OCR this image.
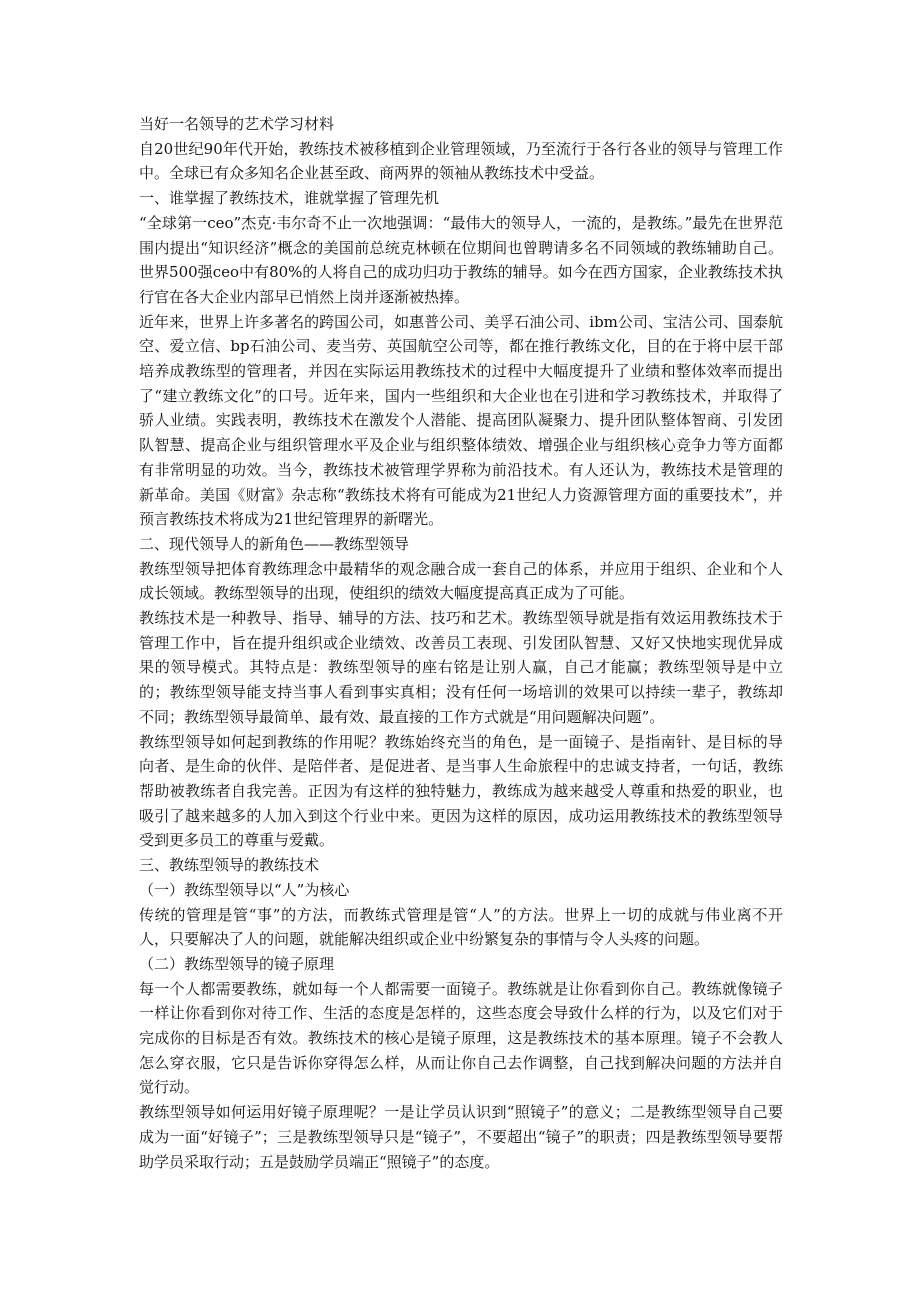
当好一名领导的艺术学习材料

自20世纪90年代开始，教练技术被移植到企业管理领域，乃至流行于各行各业的领导与管理工作中。全球已有众多知名企业甚至政、商两界的领袖从教练技术中受益。

一、谁掌握了教练技术，谁就掌握了管理先机

“全球第一ceo”杰克·韦尔奇不止一次地强调：“最伟大的领导人，一流的，是教练。”最先在世界范围内提出“知识经济”概念的美国前总统克林顿在位期间也曾聘请多名不同领域的教练辅助自己。世界500强ceo中有80%的人将自己的成功归功于教练的辅导。如今在西方国家，企业教练技术执行官在各大企业内部早已悄然上岗并逐渐被热捧。

近年来，世界上许多著名的跨国公司，如惠普公司、美孚石油公司、ibm公司、宝洁公司、国泰航空、爱立信、bp石油公司、麦当劳、英国航空公司等，都在推行教练文化，目的在于将中层干部培养成教练型的管理者，并因在实际运用教练技术的过程中大幅度提升了业绩和整体效率而提出了“建立教练文化”的口号。近年来，国内一些组织和大企业也在引进和学习教练技术，并取得了骄人业绩。实践表明，教练技术在激发个人潜能、提高团队凝聚力、提升团队整体智商、引发团队智慧、提高企业与组织管理水平及企业与组织整体绩效、增强企业与组织核心竞争力等方面都有非常明显的功效。当今，教练技术被管理学界称为前沿技术。有人还认为，教练技术是管理的新革命。美国《财富》杂志称“教练技术将有可能成为21世纪人力资源管理方面的重要技术”，并预言教练技术将成为21世纪管理界的新曙光。

二、现代领导人的新角色——教练型领导

教练型领导把体育教练理念中最精华的观念融合成一套自己的体系，并应用于组织、企业和个人成长领域。教练型领导的出现，使组织的绩效大幅度提高真正成为了可能。

教练技术是一种教导、指导、辅导的方法、技巧和艺术。教练型领导就是指有效运用教练技术于管理工作中，旨在提升组织或企业绩效、改善员工表现、引发团队智慧、又好又快地实现优异成果的领导模式。其特点是：教练型领导的座右铭是让别人赢，自己才能赢；教练型领导是中立的；教练型领导能支持当事人看到事实真相；没有任何一场培训的效果可以持续一辈子，教练却不同；教练型领导最简单、最有效、最直接的工作方式就是“用问题解决问题”。

教练型领导如何起到教练的作用呢？教练始终充当的角色，是一面镜子、是指南针、是目标的导向者、是生命的伙伴、是陪伴者、是促进者、是当事人生命旅程中的忠诚支持者，一句话，教练帮助被教练者自我完善。正因为有这样的独特魅力，教练成为越来越受人尊重和热爱的职业，也吸引了越来越多的人加入到这个行业中来。更因为这样的原因，成功运用教练技术的教练型领导受到更多员工的尊重与爱戴。

三、教练型领导的教练技术

（一）教练型领导以“人”为核心

传统的管理是管“事”的方法，而教练式管理是管“人”的方法。世界上一切的成就与伟业离不开人，只要解决了人的问题，就能解决组织或企业中纷繁复杂的事情与令人头疼的问题。

（二）教练型领导的镜子原理

每一个人都需要教练，就如每一个人都需要一面镜子。教练就是让你看到你自己。教练就像镜子一样让你看到你对待工作、生活的态度是怎样的，这些态度会导致什么样的行为，以及它们对于完成你的目标是否有效。教练技术的核心是镜子原理，这是教练技术的基本原理。镜子不会教人怎么穿衣服，它只是告诉你穿得怎么样，从而让你自己去作调整，自己找到解决问题的方法并自觉行动。

教练型领导如何运用好镜子原理呢？一是让学员认识到“照镜子”的意义；二是教练型领导自己要成为一面“好镜子”；三是教练型领导只是“镜子”，不要超出“镜子”的职责；四是教练型领导要帮助学员采取行动；五是鼓励学员端正“照镜子”的态度。
